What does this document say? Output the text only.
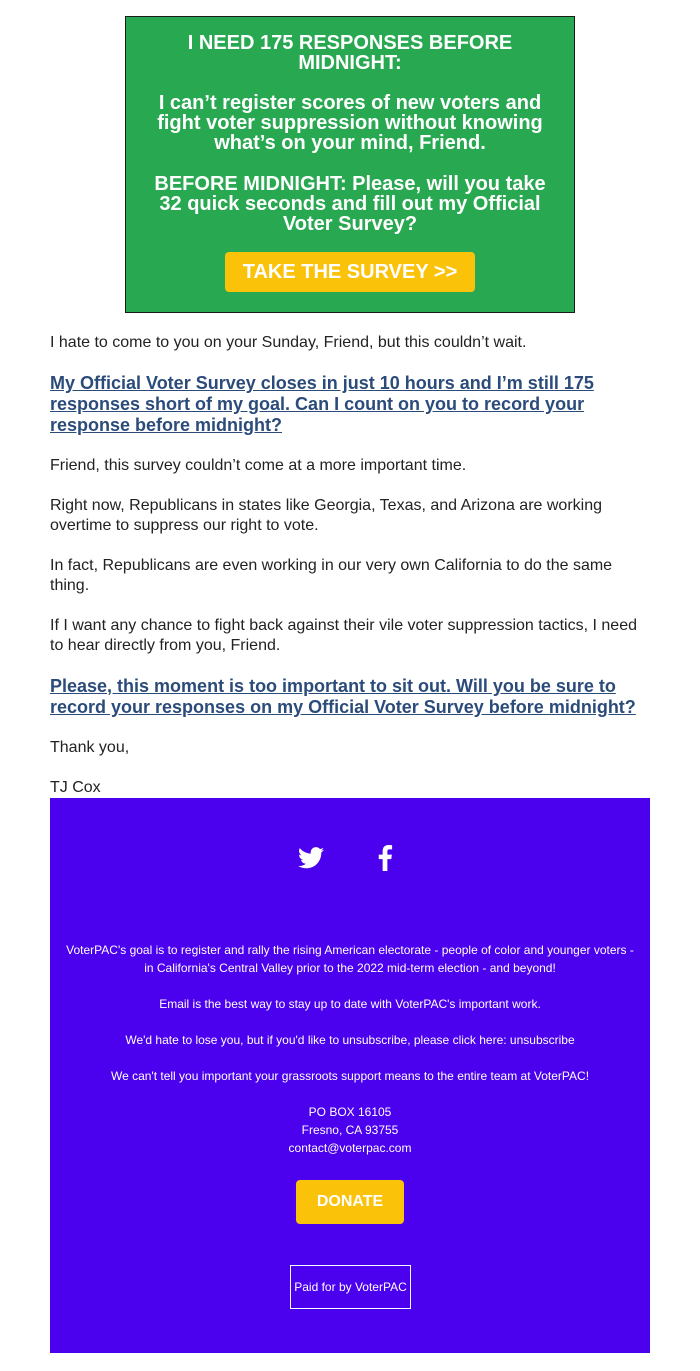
I NEED 175 RESPONSES BEFORE MIDNIGHT:
I can’t register scores of new voters and fight voter suppression without knowing what’s on your mind, Friend.
BEFORE MIDNIGHT: Please, will you take 32 quick seconds and fill out my Official Voter Survey?
TAKE THE SURVEY >>
I hate to come to you on your Sunday, Friend, but this couldn’t wait.
My Official Voter Survey closes in just 10 hours and I’m still 175 responses short of my goal. Can I count on you to record your response before midnight?
Friend, this survey couldn’t come at a more important time.
Right now, Republicans in states like Georgia, Texas, and Arizona are working overtime to suppress our right to vote.
In fact, Republicans are even working in our very own California to do the same thing.
If I want any chance to fight back against their vile voter suppression tactics, I need to hear directly from you, Friend.
Please, this moment is too important to sit out. Will you be sure to record your responses on my Official Voter Survey before midnight?
Thank you,
TJ Cox
VoterPAC's goal is to register and rally the rising American electorate - people of color and younger voters - in California's Central Valley prior to the 2022 mid-term election - and beyond!
Email is the best way to stay up to date with VoterPAC's important work.
We'd hate to lose you, but if you'd like to unsubscribe, please click here: unsubscribe
We can't tell you important your grassroots support means to the entire team at VoterPAC!
PO BOX 16105
Fresno, CA 93755
contact@voterpac.com
DONATE
Paid for by VoterPAC
